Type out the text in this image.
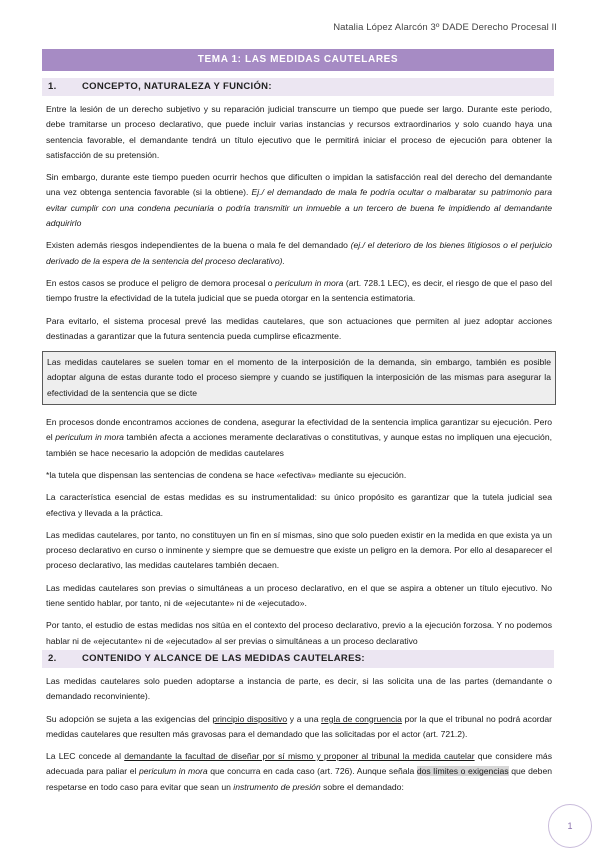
Natalia López Alarcón 3º DADE Derecho Procesal II
TEMA 1: LAS MEDIDAS CAUTELARES
1.	CONCEPTO, NATURALEZA Y FUNCIÓN:

Entre la lesión de un derecho subjetivo y su reparación judicial transcurre un tiempo que puede ser largo. Durante este periodo, debe tramitarse un proceso declarativo, que puede incluir varias instancias y recursos extraordinarios y solo cuando haya una sentencia favorable, el demandante tendrá un título ejecutivo que le permitirá iniciar el proceso de ejecución para obtener la satisfacción de su pretensión.

Sin embargo, durante este tiempo pueden ocurrir hechos que dificulten o impidan la satisfacción real del derecho del demandante una vez obtenga sentencia favorable (si la obtiene). Ej./ el demandado de mala fe podría ocultar o malbaratar su patrimonio para evitar cumplir con una condena pecuniaria o podría transmitir un inmueble a un tercero de buena fe impidiendo al demandante adquirirlo

Existen además riesgos independientes de la buena o mala fe del demandado (ej./ el deterioro de los bienes litigiosos o el perjuicio derivado de la espera de la sentencia del proceso declarativo).

En estos casos se produce el peligro de demora procesal o periculum in mora (art. 728.1 LEC), es decir, el riesgo de que el paso del tiempo frustre la efectividad de la tutela judicial que se pueda otorgar en la sentencia estimatoria.

Para evitarlo, el sistema procesal prevé las medidas cautelares, que son actuaciones que permiten al juez adoptar acciones destinadas a garantizar que la futura sentencia pueda cumplirse eficazmente.

Las medidas cautelares se suelen tomar en el momento de la interposición de la demanda, sin embargo, también es posible adoptar alguna de estas durante todo el proceso siempre y cuando se justifiquen la interposición de las mismas para asegurar la efectividad de la sentencia que se dicte

En procesos donde encontramos acciones de condena, asegurar la efectividad de la sentencia implica garantizar su ejecución. Pero el periculum in mora también afecta a acciones meramente declarativas o constitutivas, y aunque estas no impliquen una ejecución, también se hace necesario la adopción de medidas cautelares

*la tutela que dispensan las sentencias de condena se hace «efectiva» mediante su ejecución.

La característica esencial de estas medidas es su instrumentalidad: su único propósito es garantizar que la tutela judicial sea efectiva y llevada a la práctica.

Las medidas cautelares, por tanto, no constituyen un fin en sí mismas, sino que solo pueden existir en la medida en que exista ya un proceso declarativo en curso o inminente y siempre que se demuestre que existe un peligro en la demora. Por ello al desaparecer el proceso declarativo, las medidas cautelares también decaen.

Las medidas cautelares son previas o simultáneas a un proceso declarativo, en el que se aspira a obtener un título ejecutivo. No tiene sentido hablar, por tanto, ni de «ejecutante» ni de «ejecutado».

Por tanto, el estudio de estas medidas nos sitúa en el contexto del proceso declarativo, previo a la ejecución forzosa. Y no podemos hablar ni de «ejecutante» ni de «ejecutado» al ser previas o simultáneas a un proceso declarativo

2.	CONTENIDO Y ALCANCE DE LAS MEDIDAS CAUTELARES:

Las medidas cautelares solo pueden adoptarse a instancia de parte, es decir, si las solicita una de las partes (demandante o demandado reconviniente).

Su adopción se sujeta a las exigencias del principio dispositivo y a una regla de congruencia por la que el tribunal no podrá acordar medidas cautelares que resulten más gravosas para el demandado que las solicitadas por el actor (art. 721.2).

La LEC concede al demandante la facultad de diseñar por sí mismo y proponer al tribunal la medida cautelar que considere más adecuada para paliar el periculum in mora que concurra en cada caso (art. 726). Aunque señala dos límites o exigencias que deben respetarse en todo caso para evitar que sean un instrumento de presión sobre el demandado:

1
